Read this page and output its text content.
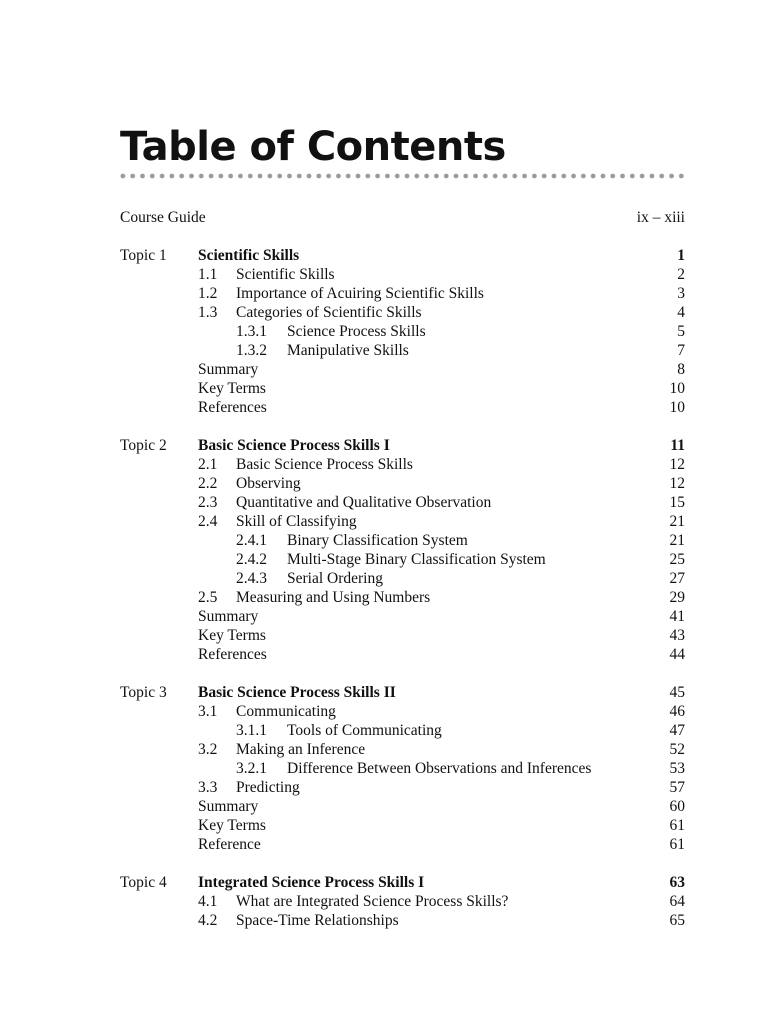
Table of Contents
Course Guide	ix – xiii
Topic 1 Scientific Skills	1
1.1 Scientific Skills	2
1.2 Importance of Acuiring Scientific Skills	3
1.3 Categories of Scientific Skills	4
1.3.1 Science Process Skills	5
1.3.2 Manipulative Skills	7
Summary	8
Key Terms	10
References	10
Topic 2 Basic Science Process Skills I	11
2.1 Basic Science Process Skills	12
2.2 Observing	12
2.3 Quantitative and Qualitative Observation	15
2.4 Skill of Classifying	21
2.4.1 Binary Classification System	21
2.4.2 Multi-Stage Binary Classification System	25
2.4.3 Serial Ordering	27
2.5 Measuring and Using Numbers	29
Summary	41
Key Terms	43
References	44
Topic 3 Basic Science Process Skills II	45
3.1 Communicating	46
3.1.1 Tools of Communicating	47
3.2 Making an Inference	52
3.2.1 Difference Between Observations and Inferences	53
3.3 Predicting	57
Summary	60
Key Terms	61
Reference	61
Topic 4 Integrated Science Process Skills I	63
4.1 What are Integrated Science Process Skills?	64
4.2 Space-Time Relationships	65
